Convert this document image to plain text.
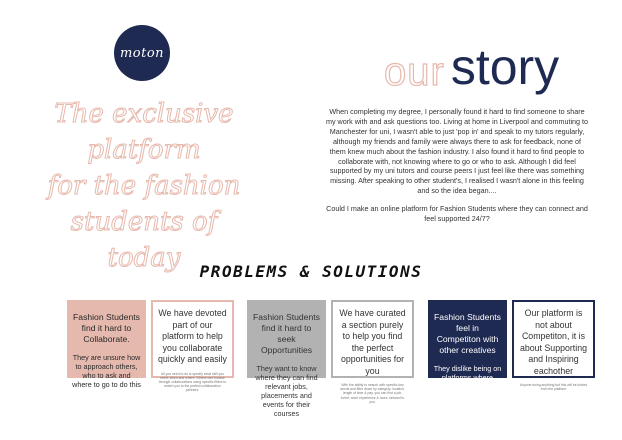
moton
The exclusive platform
for the fashion
students of today
our story

When completing my degree, I personally found it hard to find someone to share my work with and ask questions too. Living at home in Liverpool and commuting to Manchester for uni, I wasn't able to just 'pop in' and speak to my tutors regularly, although my friends and family were always there to ask for feedback, none of them knew much about the fashion industry. I also found it hard to find people to collaborate with, not knowing where to go or who to ask. Although I did feel supported by my uni tutors and course peers I just feel like there was something missing. After speaking to other student's, I realised I wasn't alone in this feeling and so the idea began....

Could I make an online platform for Fashion Students where they can connect and feel supported 24/7?

PROBLEMS & SOLUTIONS
Fashion Students find it hard to Collaborate.
They are unsure how to approach others, who to ask and where to go to do this
We have devoted part of our platform to help you collaborate quickly and easily
All you need to do is specify what skill you need, when and where. Others can browse through collaborations using specific filters to match you to the perfect collaboration partners.
Fashion Students find it hard to seek Opportunities
They want to know where they can find relevant jobs, placements and events for their courses
We have curated a section purely to help you find the perfect opportunities for you
With the ability to search with specific key words and filter down by category, location, length of time & pay, you can find a job, event, work experience & more, tailored to you.
Fashion Students feel in Competiton with other creatives
They dislike being on platforms where there are more established creatives
Our platform is not about Competiton, it is about Supporting and Inspiring eachother
Anyone doing anything but this will be kicked from the platform
